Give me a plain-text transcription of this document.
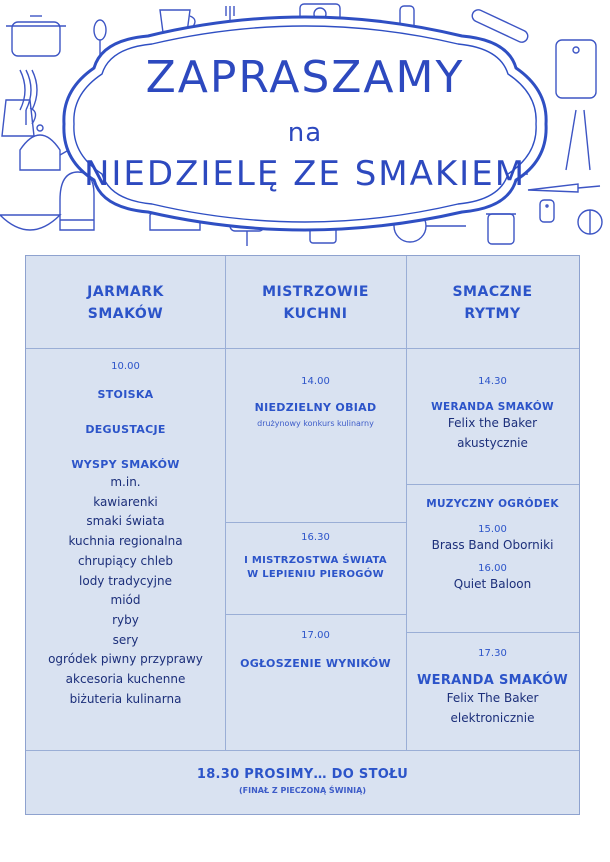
ZAPRASZAMY
na
NIEDZIELĘ ZE SMAKIEM
JARMARK
SMAKÓW
MISTRZOWIE
KUCHNI
SMACZNE
RYTMY
10.00
STOISKA
DEGUSTACJE
WYSPY SMAKÓW
m.in.
kawiarenki
smaki świata
kuchnia regionalna
chrupiący chleb
lody tradycyjne
miód
ryby
sery
ogródek piwny przyprawy
akcesoria kuchenne
biżuteria kulinarna
14.00
NIEDZIELNY OBIAD
drużynowy konkurs kulinarny
16.30
I MISTRZOSTWA ŚWIATA
W LEPIENIU PIEROGÓW
17.00
OGŁOSZENIE WYNIKÓW
14.30
WERANDA SMAKÓW
Felix the Baker
akustycznie
MUZYCZNY OGRÓDEK
15.00
Brass Band Oborniki
16.00
Quiet Baloon
17.30
WERANDA SMAKÓW
Felix The Baker
elektronicznie
18.30 PROSIMY… DO STOŁU
(FINAŁ Z PIECZONĄ ŚWINIĄ)
